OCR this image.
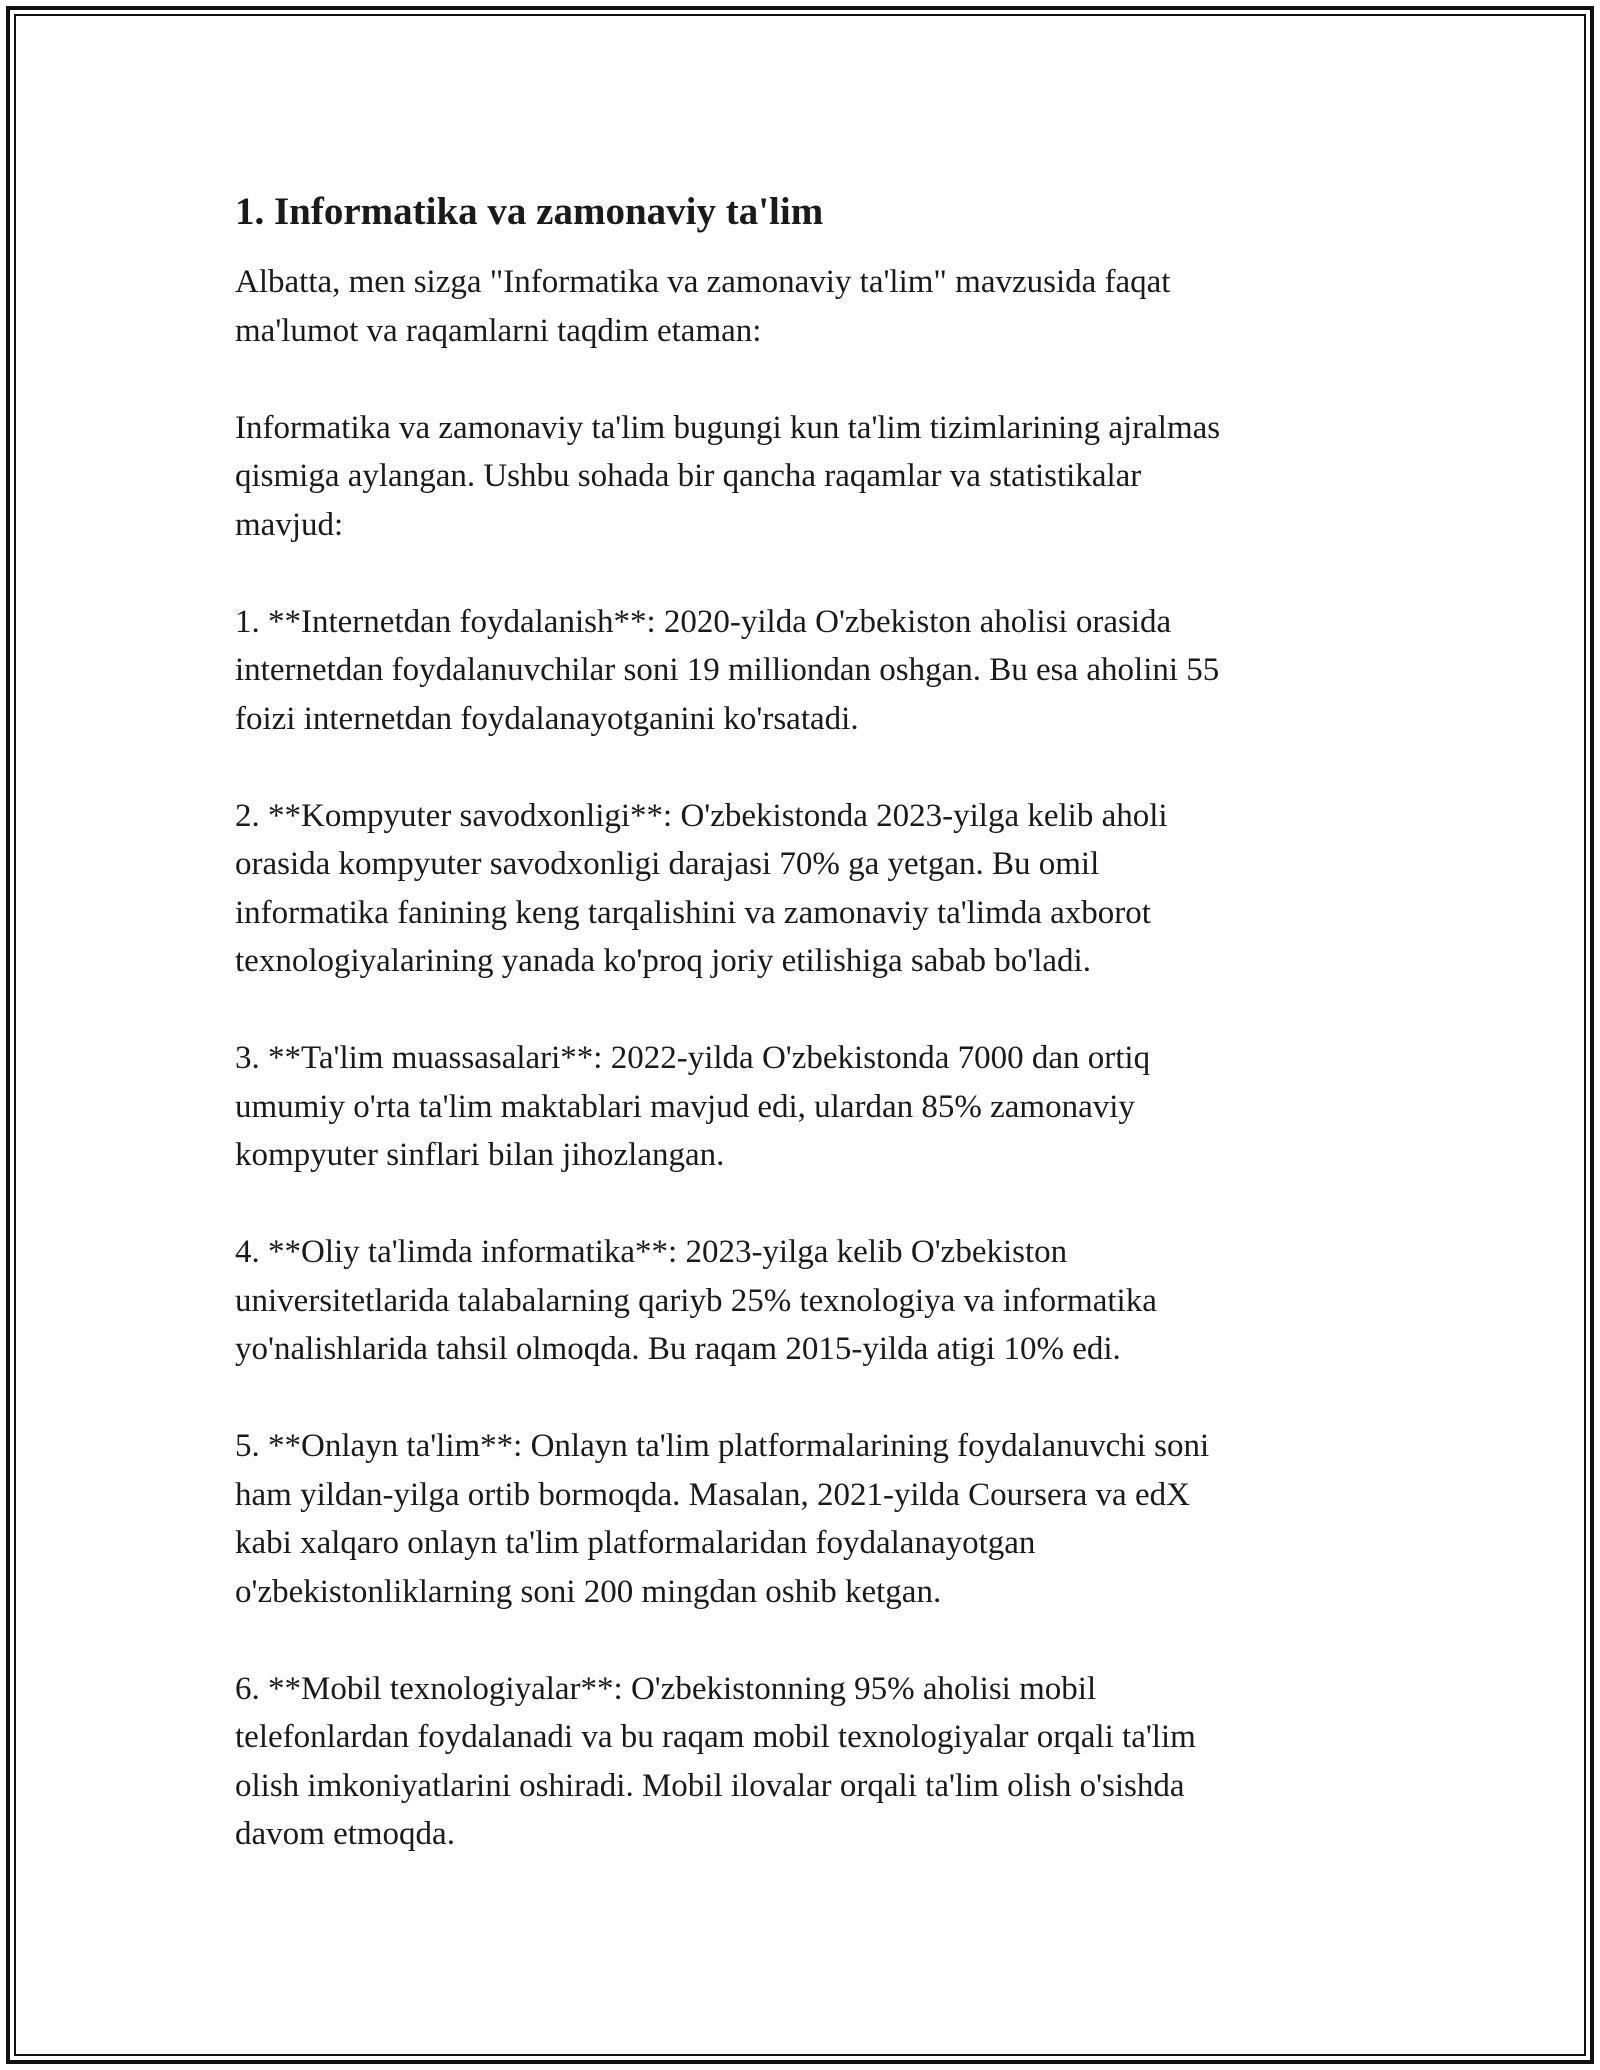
1. Informatika va zamonaviy ta'lim
Albatta, men sizga "Informatika va zamonaviy ta'lim" mavzusida faqat
ma'lumot va raqamlarni taqdim etaman:
Informatika va zamonaviy ta'lim bugungi kun ta'lim tizimlarining ajralmas
qismiga aylangan. Ushbu sohada bir qancha raqamlar va statistikalar
mavjud:
1. **Internetdan foydalanish**: 2020-yilda O'zbekiston aholisi orasida
internetdan foydalanuvchilar soni 19 milliondan oshgan. Bu esa aholini 55
foizi internetdan foydalanayotganini ko'rsatadi.
2. **Kompyuter savodxonligi**: O'zbekistonda 2023-yilga kelib aholi
orasida kompyuter savodxonligi darajasi 70% ga yetgan. Bu omil
informatika fanining keng tarqalishini va zamonaviy ta'limda axborot
texnologiyalarining yanada ko'proq joriy etilishiga sabab bo'ladi.
3. **Ta'lim muassasalari**: 2022-yilda O'zbekistonda 7000 dan ortiq
umumiy o'rta ta'lim maktablari mavjud edi, ulardan 85% zamonaviy
kompyuter sinflari bilan jihozlangan.
4. **Oliy ta'limda informatika**: 2023-yilga kelib O'zbekiston
universitetlarida talabalarning qariyb 25% texnologiya va informatika
yo'nalishlarida tahsil olmoqda. Bu raqam 2015-yilda atigi 10% edi.
5. **Onlayn ta'lim**: Onlayn ta'lim platformalarining foydalanuvchi soni
ham yildan-yilga ortib bormoqda. Masalan, 2021-yilda Coursera va edX
kabi xalqaro onlayn ta'lim platformalaridan foydalanayotgan
o'zbekistonliklarning soni 200 mingdan oshib ketgan.
6. **Mobil texnologiyalar**: O'zbekistonning 95% aholisi mobil
telefonlardan foydalanadi va bu raqam mobil texnologiyalar orqali ta'lim
olish imkoniyatlarini oshiradi. Mobil ilovalar orqali ta'lim olish o'sishda
davom etmoqda.
